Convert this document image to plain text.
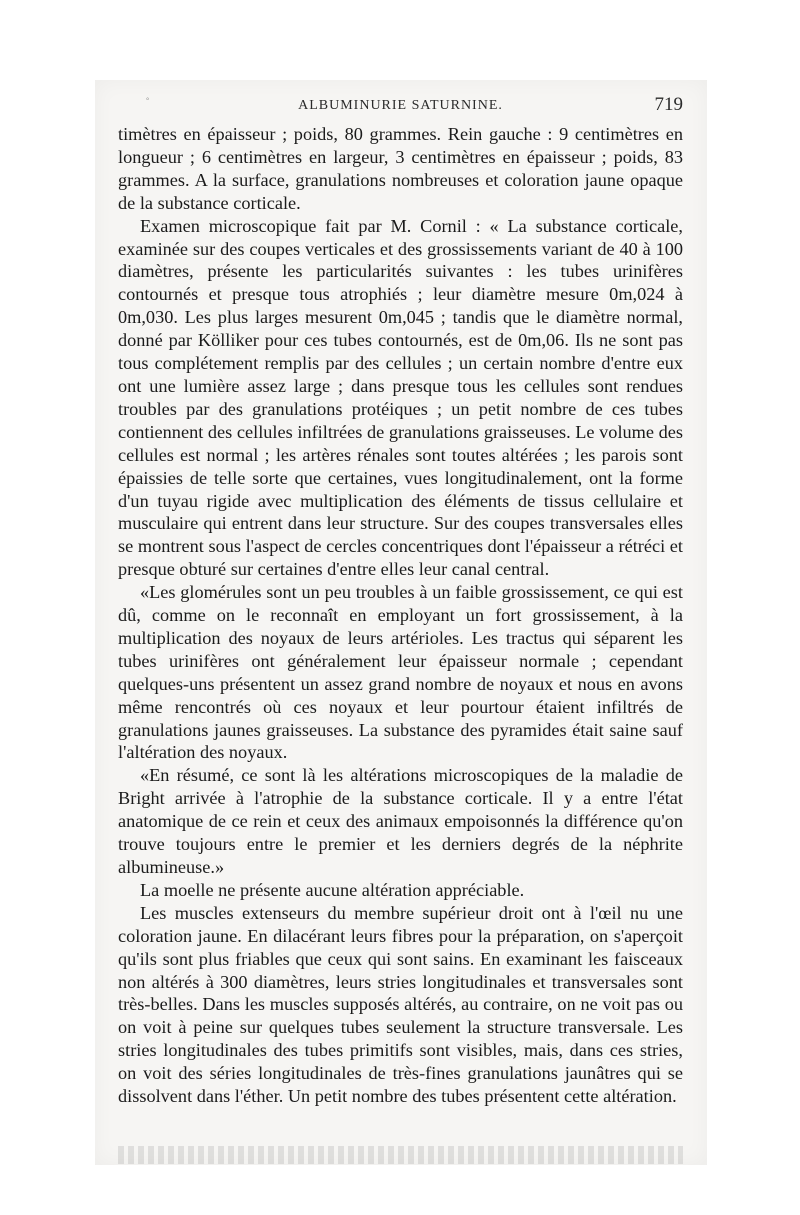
°	ALBUMINURIE SATURNINE.	719

timètres en épaisseur ; poids, 80 grammes. Rein gauche : 9 centimètres en longueur ; 6 centimètres en largeur, 3 centimètres en épaisseur ; poids, 83 grammes. A la surface, granulations nombreuses et coloration jaune opaque de la substance corticale.

Examen microscopique fait par M. Cornil : « La substance corticale, examinée sur des coupes verticales et des grossissements variant de 40 à 100 diamètres, présente les particularités suivantes : les tubes urinifères contournés et presque tous atrophiés ; leur diamètre mesure 0m,024 à 0m,030. Les plus larges mesurent 0m,045 ; tandis que le diamètre normal, donné par Kölliker pour ces tubes contournés, est de 0m,06. Ils ne sont pas tous complétement remplis par des cellules ; un certain nombre d'entre eux ont une lumière assez large ; dans presque tous les cellules sont rendues troubles par des granulations protéiques ; un petit nombre de ces tubes contiennent des cellules infiltrées de granulations graisseuses. Le volume des cellules est normal ; les artères rénales sont toutes altérées ; les parois sont épaissies de telle sorte que certaines, vues longitudinalement, ont la forme d'un tuyau rigide avec multiplication des éléments de tissus cellulaire et musculaire qui entrent dans leur structure. Sur des coupes transversales elles se montrent sous l'aspect de cercles concentriques dont l'épaisseur a rétréci et presque obturé sur certaines d'entre elles leur canal central.

«Les glomérules sont un peu troubles à un faible grossissement, ce qui est dû, comme on le reconnaît en employant un fort grossissement, à la multiplication des noyaux de leurs artérioles. Les tractus qui séparent les tubes urinifères ont généralement leur épaisseur normale ; cependant quelques-uns présentent un assez grand nombre de noyaux et nous en avons même rencontrés où ces noyaux et leur pourtour étaient infiltrés de granulations jaunes graisseuses. La substance des pyramides était saine sauf l'altération des noyaux.

«En résumé, ce sont là les altérations microscopiques de la maladie de Bright arrivée à l'atrophie de la substance corticale. Il y a entre l'état anatomique de ce rein et ceux des animaux empoisonnés la différence qu'on trouve toujours entre le premier et les derniers degrés de la néphrite albumineuse.»

La moelle ne présente aucune altération appréciable.

Les muscles extenseurs du membre supérieur droit ont à l'œil nu une coloration jaune. En dilacérant leurs fibres pour la préparation, on s'aperçoit qu'ils sont plus friables que ceux qui sont sains. En examinant les faisceaux non altérés à 300 diamètres, leurs stries longitudinales et transversales sont très-belles. Dans les muscles supposés altérés, au contraire, on ne voit pas ou on voit à peine sur quelques tubes seulement la structure transversale. Les stries longitudinales des tubes primitifs sont visibles, mais, dans ces stries, on voit des séries longitudinales de très-fines granulations jaunâtres qui se dissolvent dans l'éther. Un petit nombre des tubes présentent cette altération.
